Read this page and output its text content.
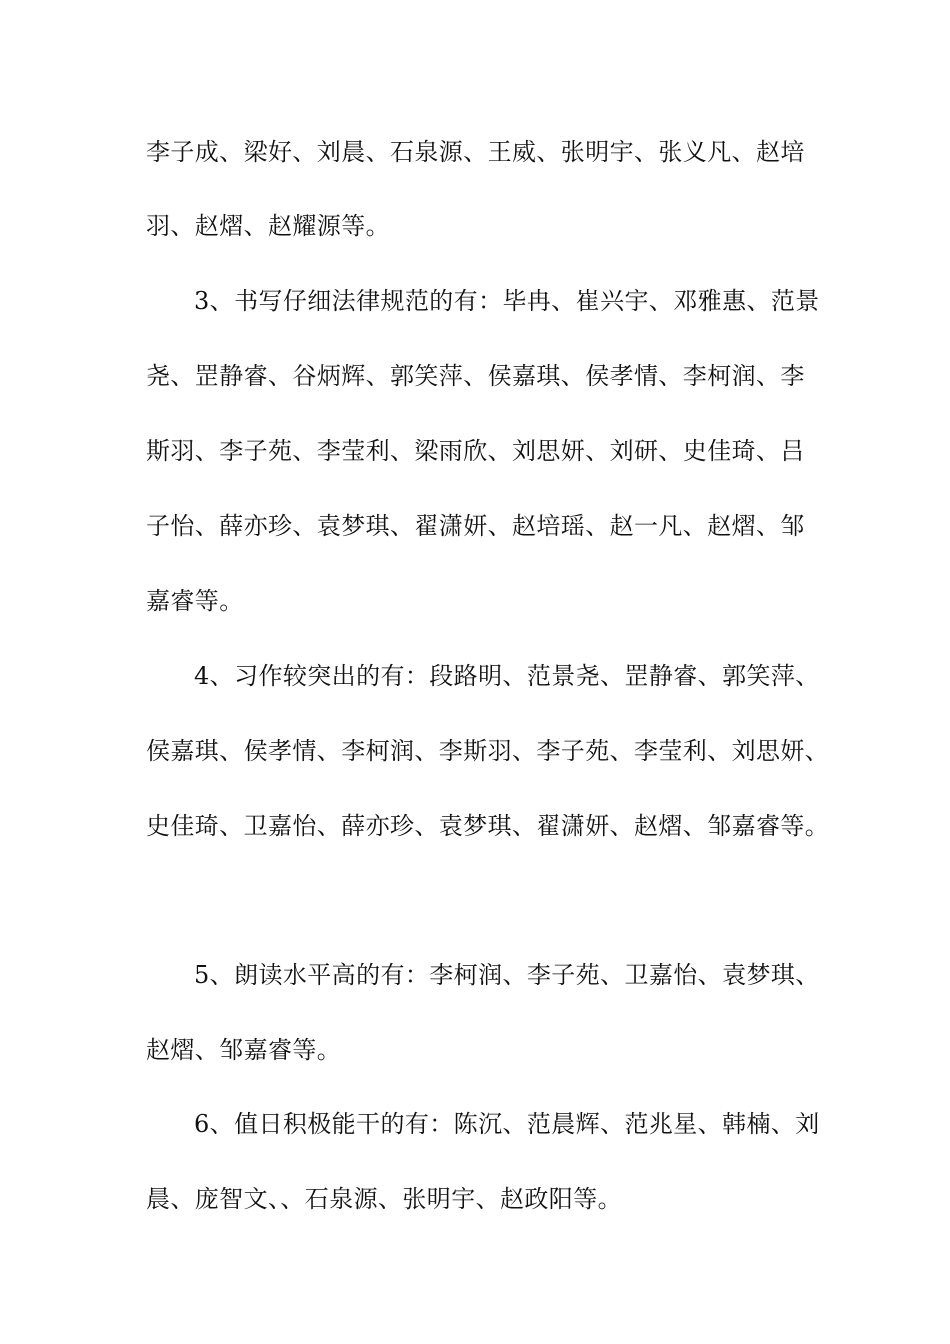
李子成、梁好、刘晨、石泉源、王威、张明宇、张义凡、赵培
羽、赵熠、赵耀源等。
3、书写仔细法律规范的有：毕冉、崔兴宇、邓雅惠、范景
尧、罡静睿、谷炳辉、郭笑萍、侯嘉琪、侯孝情、李柯润、李
斯羽、李子苑、李莹利、梁雨欣、刘思妍、刘研、史佳琦、吕
子怡、薛亦珍、袁梦琪、翟潇妍、赵培瑶、赵一凡、赵熠、邹
嘉睿等。
4、习作较突出的有：段路明、范景尧、罡静睿、郭笑萍、
侯嘉琪、侯孝情、李柯润、李斯羽、李子苑、李莹利、刘思妍、
史佳琦、卫嘉怡、薛亦珍、袁梦琪、翟潇妍、赵熠、邹嘉睿等。
5、朗读水平高的有：李柯润、李子苑、卫嘉怡、袁梦琪、
赵熠、邹嘉睿等。
6、值日积极能干的有：陈沉、范晨辉、范兆星、韩楠、刘
晨、庞智文、、石泉源、张明宇、赵政阳等。
